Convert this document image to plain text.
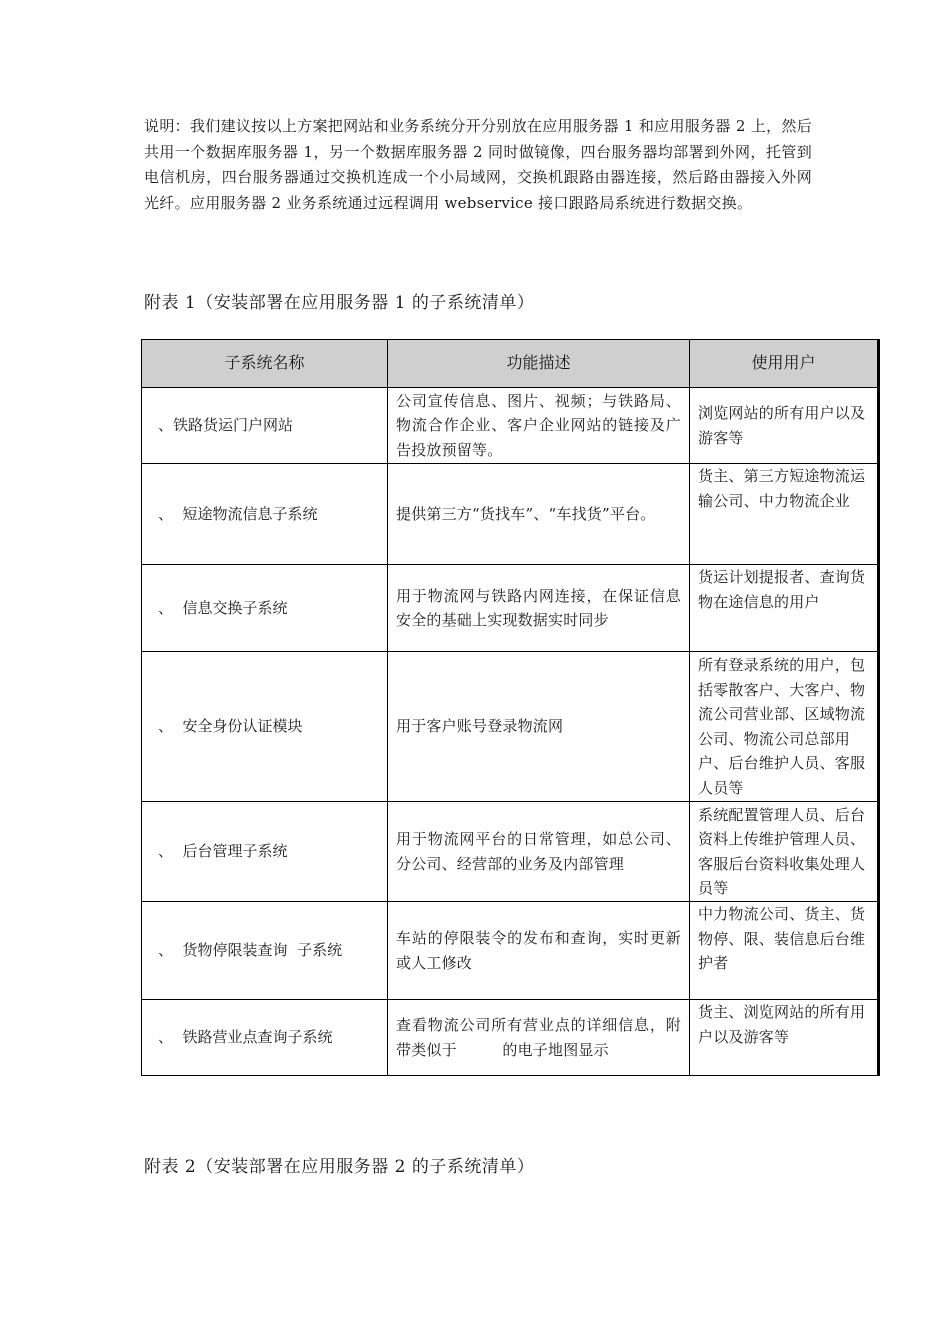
说明：我们建议按以上方案把网站和业务系统分开分别放在应用服务器 1 和应用服务器 2 上，然后共用一个数据库服务器 1，另一个数据库服务器 2 同时做镜像，四台服务器均部署到外网，托管到电信机房，四台服务器通过交换机连成一个小局域网，交换机跟路由器连接，然后路由器接入外网光纤。应用服务器 2 业务系统通过远程调用 webservice 接口跟路局系统进行数据交换。
附表 1（安装部署在应用服务器 1 的子系统清单）
子系统名称	功能描述	使用用户
、铁路货运门户网站	公司宣传信息、图片、视频；与铁路局、物流合作企业、客户企业网站的链接及广告投放预留等。	浏览网站的所有用户以及游客等
、  短途物流信息子系统	提供第三方“货找车”、“车找货”平台。	货主、第三方短途物流运输公司、中力物流企业
、  信息交换子系统	用于物流网与铁路内网连接，在保证信息安全的基础上实现数据实时同步	货运计划提报者、查询货物在途信息的用户
、  安全身份认证模块	用于客户账号登录物流网	所有登录系统的用户，包括零散客户、大客户、物流公司营业部、区域物流公司、物流公司总部用户、后台维护人员、客服人员等
、  后台管理子系统	用于物流网平台的日常管理，如总公司、分公司、经营部的业务及内部管理	系统配置管理人员、后台资料上传维护管理人员、客服后台资料收集处理人员等
、  货物停限装查询  子系统	车站的停限装令的发布和查询，实时更新或人工修改	中力物流公司、货主、货物停、限、装信息后台维护者
、  铁路营业点查询子系统	查看物流公司所有营业点的详细信息，附带类似于　　　的电子地图显示	货主、浏览网站的所有用户以及游客等
附表 2（安装部署在应用服务器 2 的子系统清单）
